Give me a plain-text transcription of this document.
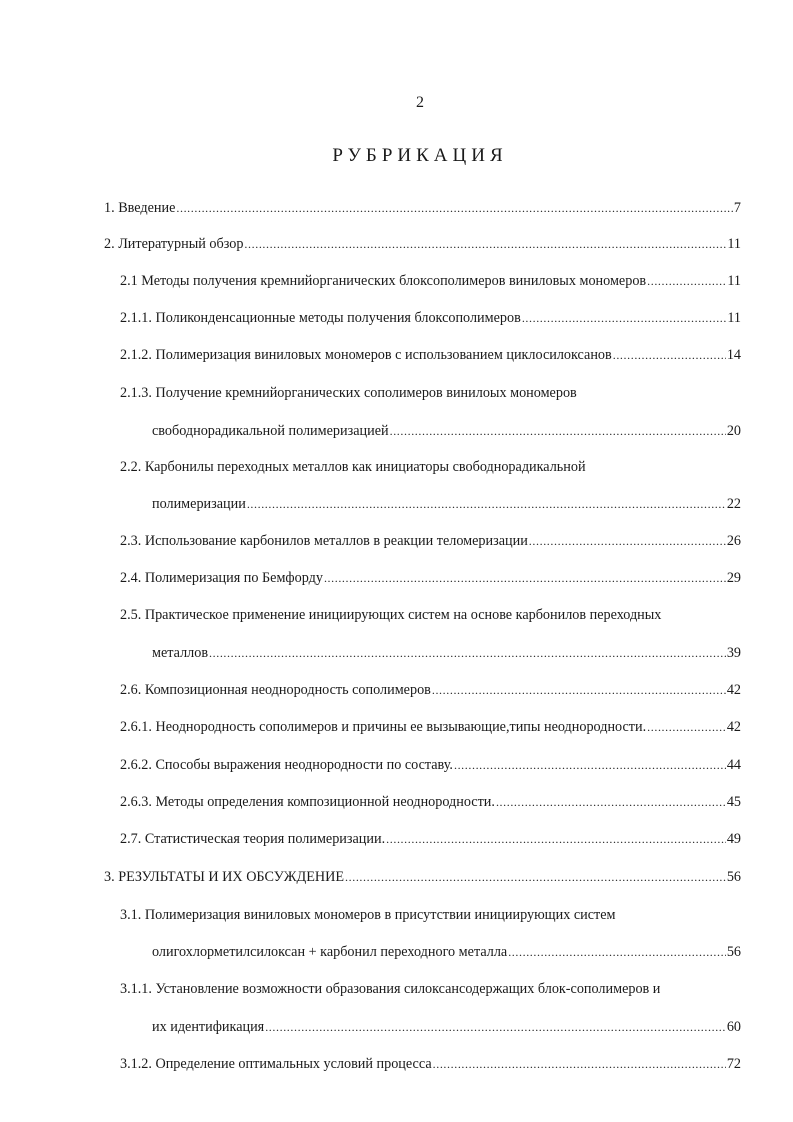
2
РУБРИКАЦИЯ
1. Введение .....	7
2. Литературный обзор .....	11
2.1 Методы получения кремнийорганических блоксополимеров виниловых мономеров .....	11
2.1.1. Поликонденсационные методы получения блоксополимеров .....	11
2.1.2. Полимеризация виниловых мономеров с использованием циклосилоксанов .....	14
2.1.3. Получение кремнийорганических сополимеров винилоых мономеров
свободнорадикальной полимеризацией .....	20
2.2. Карбонилы переходных металлов как инициаторы свободнорадикальной
полимеризации .....	22
2.3. Использование карбонилов металлов в реакции теломеризации .....	26
2.4. Полимеризация по Бемфорду .....	29
2.5. Практическое применение инициирующих систем на основе карбонилов переходных
металлов .....	39
2.6. Композиционная неоднородность сополимеров .....	42
2.6.1. Неоднородность сополимеров и причины ее вызывающие,типы неоднородности. .....	42
2.6.2. Способы выражения неоднородности по составу. .....	44
2.6.3. Методы определения композиционной неоднородности. .....	45
2.7. Статистическая теория полимеризации. .....	49
3. РЕЗУЛЬТАТЫ И ИХ ОБСУЖДЕНИЕ .....	56
3.1. Полимеризация виниловых мономеров в присутствии инициирующих систем
олигохлорметилсилоксан + карбонил переходного металла .....	56
3.1.1. Установление возможности образования силоксансодержащих блок-сополимеров и
их идентификация .....	60
3.1.2. Определение оптимальных условий процесса .....	72
